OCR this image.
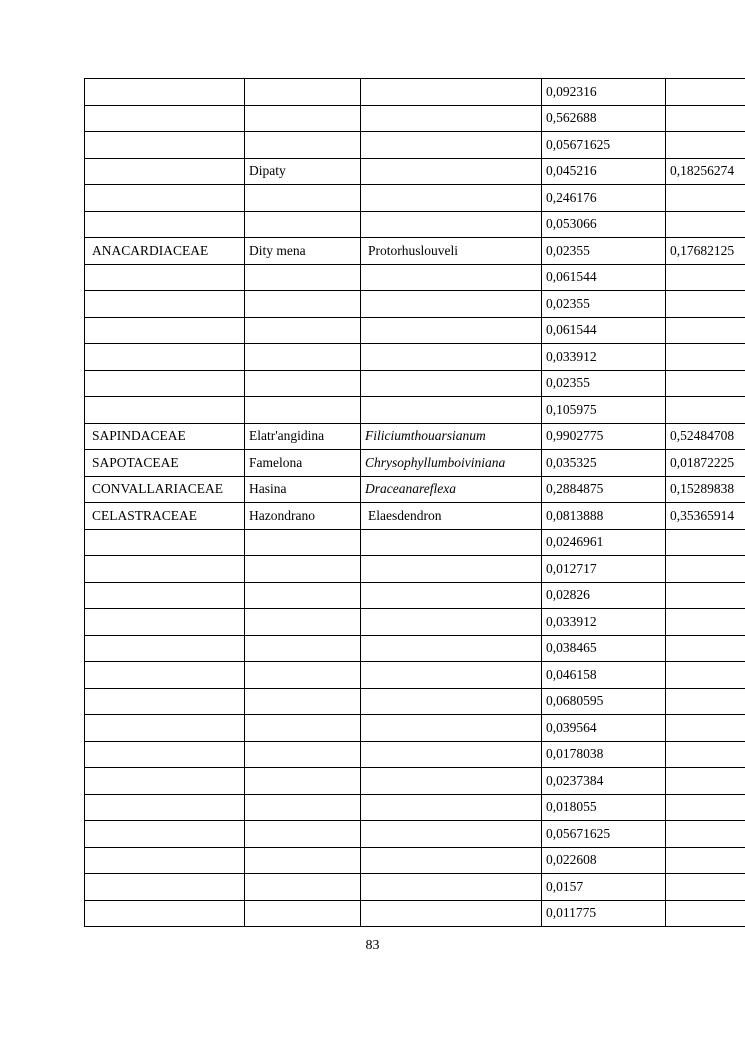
			0,092316	
			0,562688	
			0,05671625	
	Dipaty		0,045216	0,18256274
			0,246176	
			0,053066	
ANACARDIACEAE	Dity mena	Protorhuslouveli	0,02355	0,17682125
			0,061544	
			0,02355	
			0,061544	
			0,033912	
			0,02355	
			0,105975	
SAPINDACEAE	Elatr'angidina	Filiciumthouarsianum	0,9902775	0,52484708
SAPOTACEAE	Famelona	Chrysophyllumboiviniana	0,035325	0,01872225
CONVALLARIACEAE	Hasina	Draceanareflexa	0,2884875	0,15289838
CELASTRACEAE	Hazondrano	Elaesdendron	0,0813888	0,35365914
			0,0246961	
			0,012717	
			0,02826	
			0,033912	
			0,038465	
			0,046158	
			0,0680595	
			0,039564	
			0,0178038	
			0,0237384	
			0,018055	
			0,05671625	
			0,022608	
			0,0157	
			0,011775	
83
